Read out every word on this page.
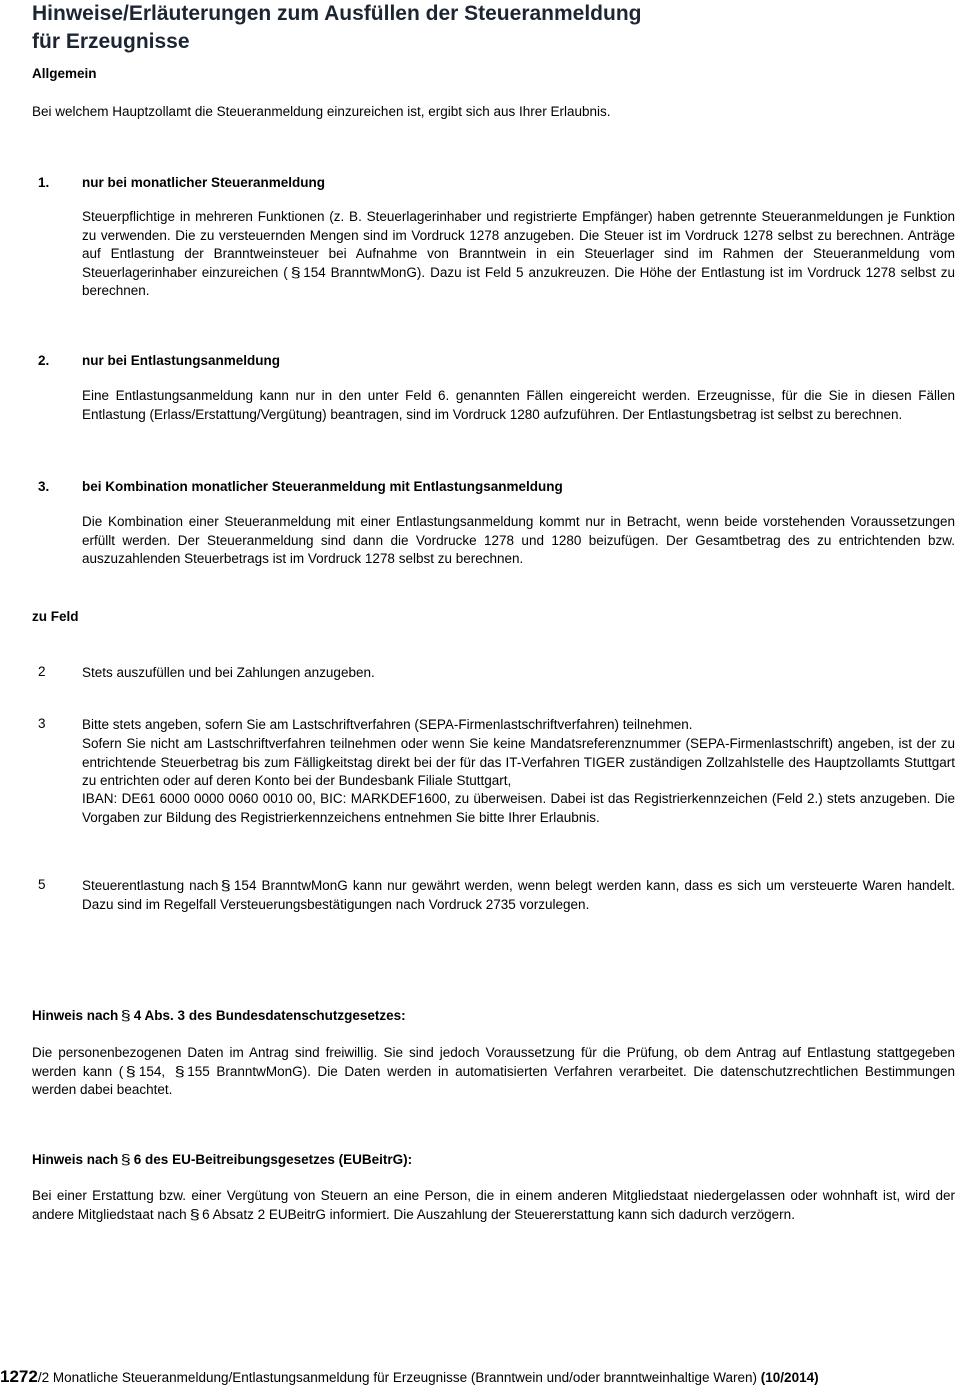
Hinweise/Erläuterungen zum Ausfüllen der Steueranmeldung
für Erzeugnisse
Allgemein
Bei welchem Hauptzollamt die Steueranmeldung einzureichen ist, ergibt sich aus Ihrer Erlaubnis.
1. nur bei monatlicher Steueranmeldung
Steuerpflichtige in mehreren Funktionen (z. B. Steuerlagerinhaber und registrierte Empfänger) haben getrennte Steueranmeldungen je Funktion zu verwenden. Die zu versteuernden Mengen sind im Vordruck 1278 anzugeben. Die Steuer ist im Vordruck 1278 selbst zu berechnen. Anträge auf Entlastung der Branntweinsteuer bei Aufnahme von Branntwein in ein Steuerlager sind im Rahmen der Steueranmeldung vom Steuerlagerinhaber einzureichen ( § 154 BranntwMonG). Dazu ist Feld 5 anzukreuzen. Die Höhe der Entlastung ist im Vordruck 1278 selbst zu berechnen.
2. nur bei Entlastungsanmeldung
Eine Entlastungsanmeldung kann nur in den unter Feld 6. genannten Fällen eingereicht werden. Erzeugnisse, für die Sie in diesen Fällen Entlastung (Erlass/Erstattung/Vergütung) beantragen, sind im Vordruck 1280 aufzuführen. Der Entlastungsbetrag ist selbst zu berechnen.
3. bei Kombination monatlicher Steueranmeldung mit Entlastungsanmeldung
Die Kombination einer Steueranmeldung mit einer Entlastungsanmeldung kommt nur in Betracht, wenn beide vorstehenden Voraussetzungen erfüllt werden. Der Steueranmeldung sind dann die Vordrucke 1278 und 1280 beizufügen. Der Gesamtbetrag des zu entrichtenden bzw. auszuzahlenden Steuerbetrags ist im Vordruck 1278 selbst zu berechnen.
zu Feld
2	Stets auszufüllen und bei Zahlungen anzugeben.
3	Bitte stets angeben, sofern Sie am Lastschriftverfahren (SEPA-Firmenlastschriftverfahren) teilnehmen.
Sofern Sie nicht am Lastschriftverfahren teilnehmen oder wenn Sie keine Mandatsreferenznummer (SEPA-Firmenlastschrift) angeben, ist der zu entrichtende Steuerbetrag bis zum Fälligkeitstag direkt bei der für das IT-Verfahren TIGER zuständigen Zollzahlstelle des Hauptzollamts Stuttgart zu entrichten oder auf deren Konto bei der Bundesbank Filiale Stuttgart,
IBAN: DE61 6000 0000 0060 0010 00, BIC: MARKDEF1600, zu überweisen. Dabei ist das Registrierkennzeichen (Feld 2.) stets anzugeben. Die Vorgaben zur Bildung des Registrierkennzeichens entnehmen Sie bitte Ihrer Erlaubnis.
5	Steuerentlastung nach § 154 BranntwMonG kann nur gewährt werden, wenn belegt werden kann, dass es sich um versteuerte Waren handelt. Dazu sind im Regelfall Versteuerungsbestätigungen nach Vordruck 2735 vorzulegen.
Hinweis nach § 4 Abs. 3 des Bundesdatenschutzgesetzes:
Die personenbezogenen Daten im Antrag sind freiwillig. Sie sind jedoch Voraussetzung für die Prüfung, ob dem Antrag auf Entlastung stattgegeben werden kann ( § 154, § 155 BranntwMonG). Die Daten werden in automatisierten Verfahren verarbeitet. Die datenschutzrechtlichen Bestimmungen werden dabei beachtet.
Hinweis nach § 6 des EU-Beitreibungsgesetzes (EUBeitrG):
Bei einer Erstattung bzw. einer Vergütung von Steuern an eine Person, die in einem anderen Mitgliedstaat niedergelassen oder wohnhaft ist, wird der andere Mitgliedstaat nach § 6 Absatz 2 EUBeitrG informiert. Die Auszahlung der Steuererstattung kann sich dadurch verzögern.
1272/2 Monatliche Steueranmeldung/Entlastungsanmeldung für Erzeugnisse (Branntwein und/oder branntweinhaltige Waren) (10/2014)
